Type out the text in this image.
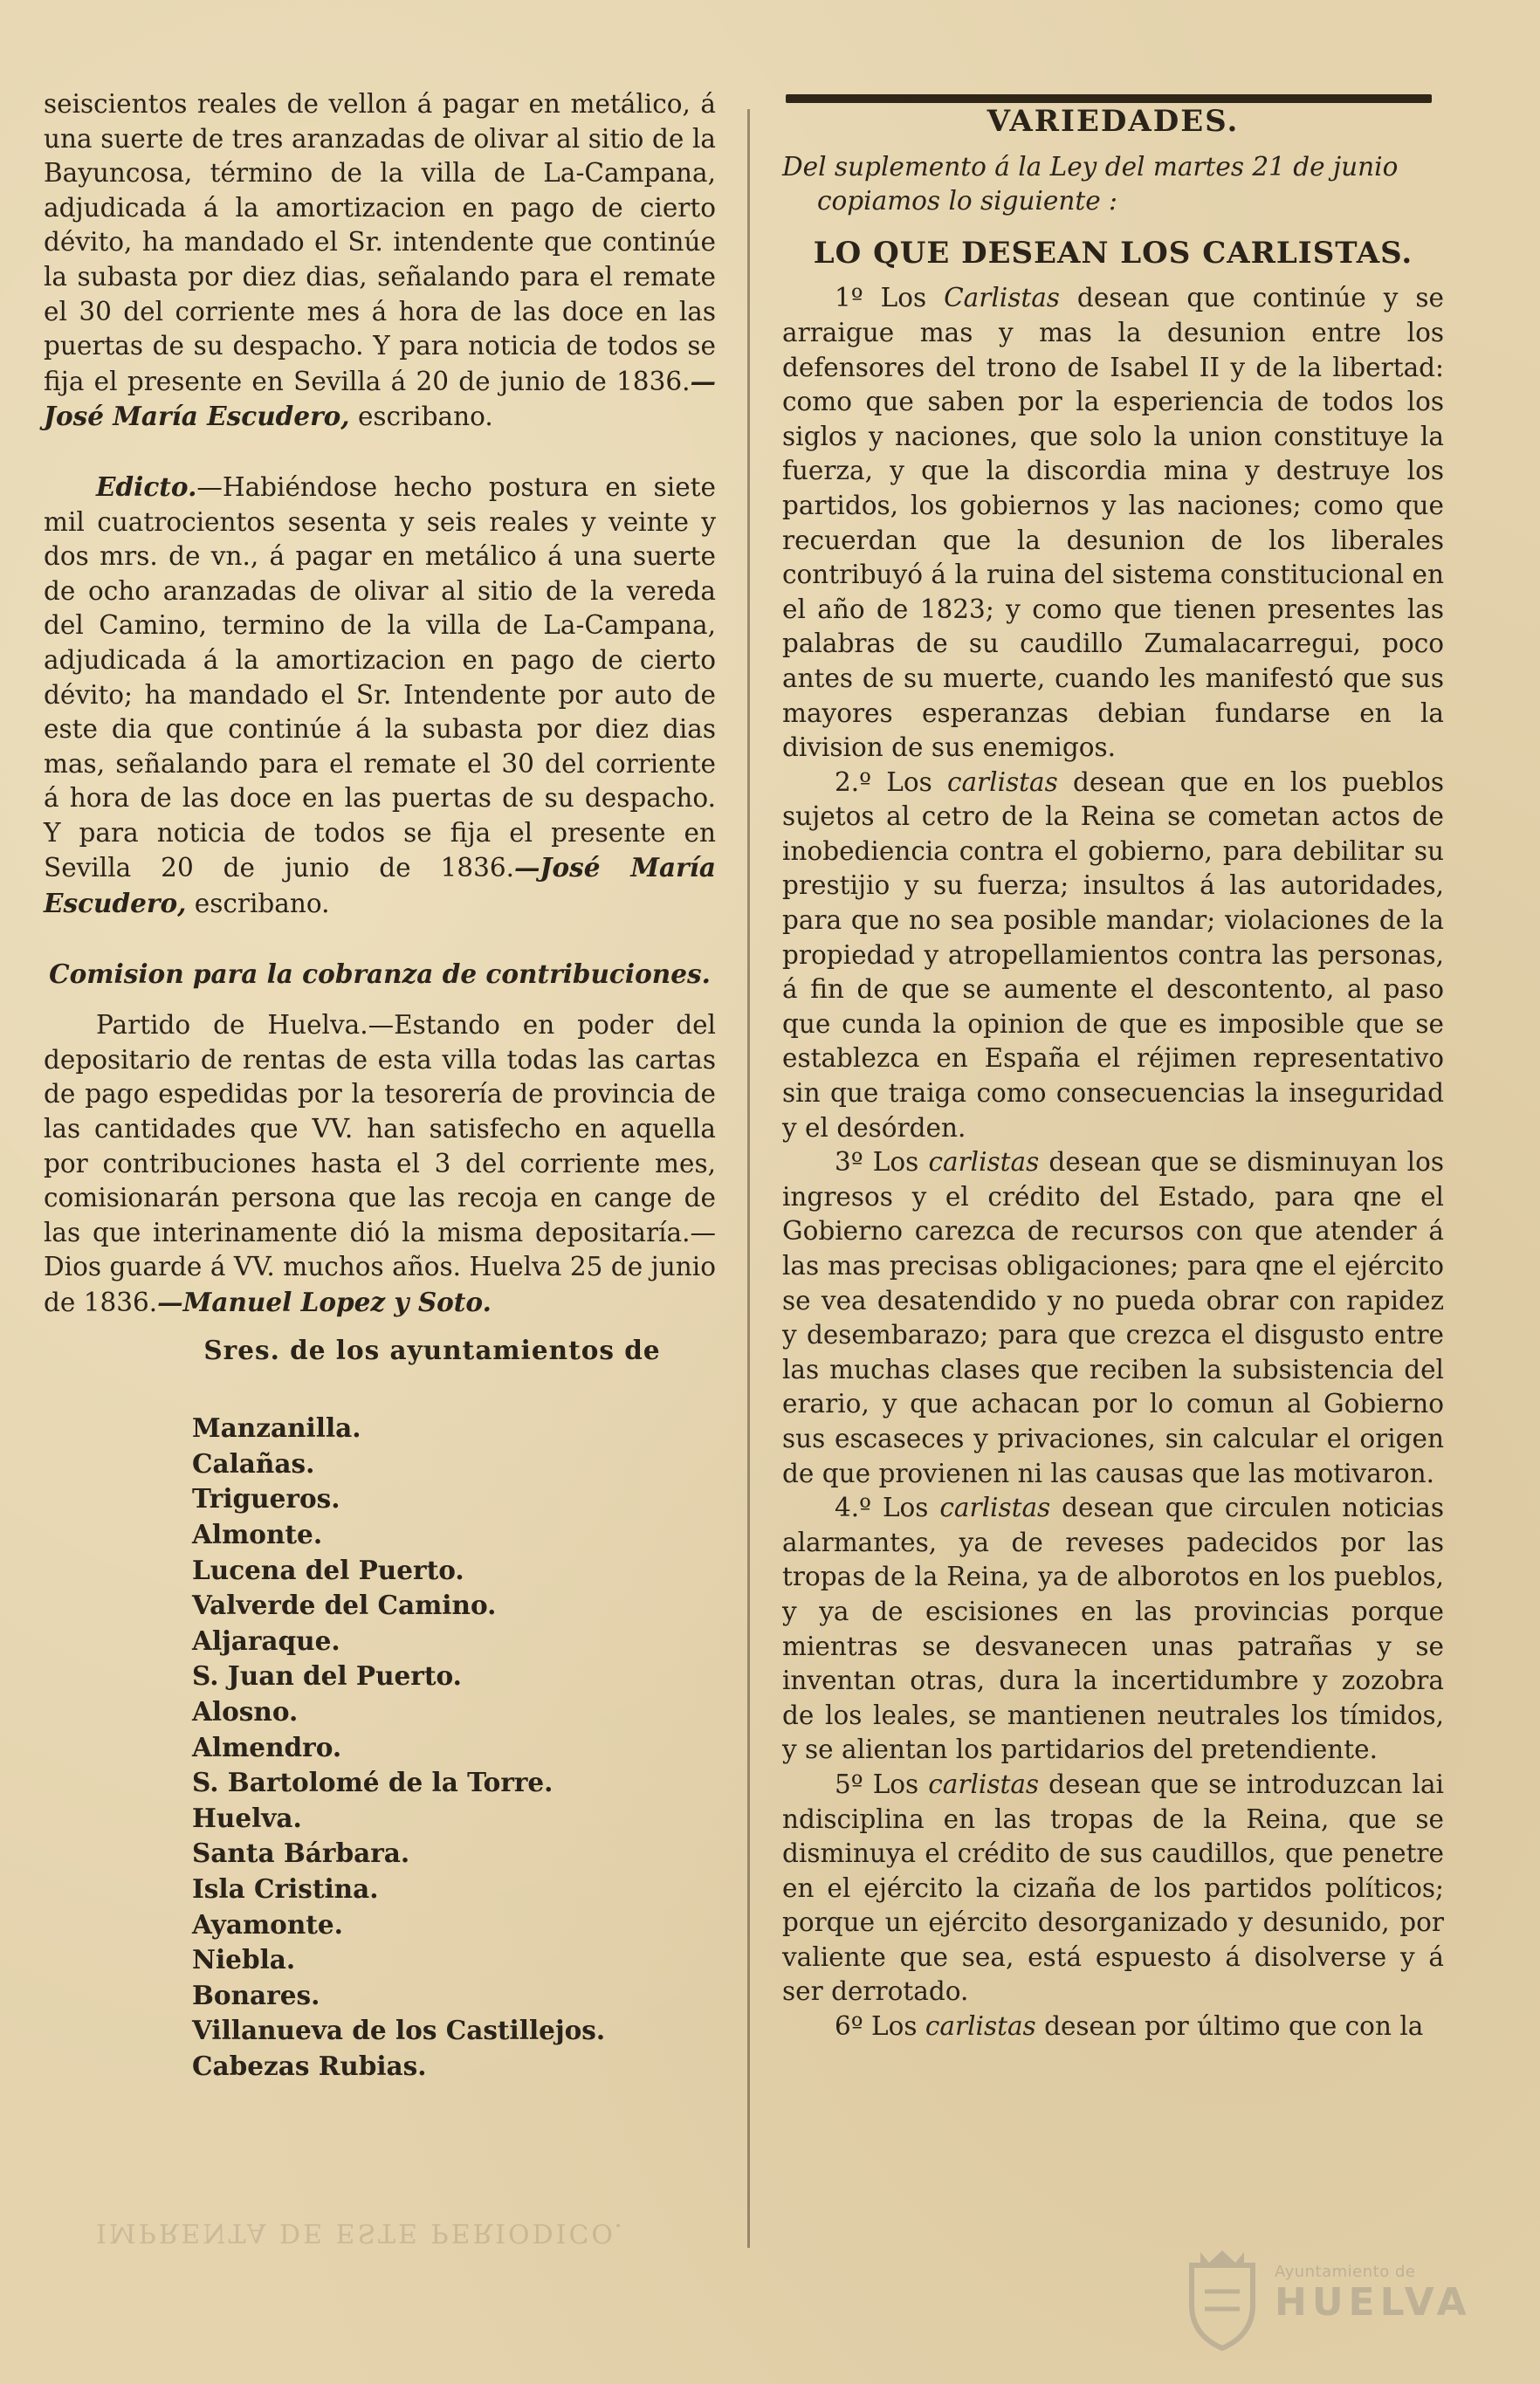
seiscientos reales de vellon á pagar en metálico, á una suerte de tres aranzadas de olivar al sitio de la Bayuncosa, término de la villa de La-Campana, adjudicada á la amortizacion en pago de cierto dévito, ha mandado el Sr. intendente que continúe la subasta por diez dias, señalando para el remate el 30 del corriente mes á hora de las doce en las puertas de su despacho. Y para noticia de todos se fija el presente en Sevilla á 20 de junio de 1836.—José María Escudero, escribano.

Edicto.—Habiéndose hecho postura en siete mil cuatrocientos sesenta y seis reales y veinte y dos mrs. de vn., á pagar en metálico á una suerte de ocho aranzadas de olivar al sitio de la vereda del Camino, termino de la villa de La-Campana, adjudicada á la amortizacion en pago de cierto dévito; ha mandado el Sr. Intendente por auto de este dia que continúe á la subasta por diez dias mas, señalando para el remate el 30 del corriente á hora de las doce en las puertas de su despacho. Y para noticia de todos se fija el presente en Sevilla 20 de junio de 1836.—José María Escudero, escribano.

Comision para la cobranza de contribuciones.

Partido de Huelva.—Estando en poder del depositario de rentas de esta villa todas las cartas de pago espedidas por la tesorería de provincia de las cantidades que VV. han satisfecho en aquella por contribuciones hasta el 3 del corriente mes, comisionarán persona que las recoja en cange de las que interinamente dió la misma depositaría.—Dios guarde á VV. muchos años. Huelva 25 de junio de 1836.—Manuel Lopez y Soto.

Sres. de los ayuntamientos de

Manzanilla.
Calañas.
Trigueros.
Almonte.
Lucena del Puerto.
Valverde del Camino.
Aljaraque.
S. Juan del Puerto.
Alosno.
Almendro.
S. Bartolomé de la Torre.
Huelva.
Santa Bárbara.
Isla Cristina.
Ayamonte.
Niebla.
Bonares.
Villanueva de los Castillejos.
Cabezas Rubias.

VARIEDADES.

Del suplemento á la Ley del martes 21 de junio

copiamos lo siguiente :

LO QUE DESEAN LOS CARLISTAS.

1º Los Carlistas desean que continúe y se arraigue mas y mas la desunion entre los defensores del trono de Isabel II y de la libertad: como que saben por la esperiencia de todos los siglos y naciones, que solo la union constituye la fuerza, y que la discordia mina y destruye los partidos, los gobiernos y las naciones; como que recuerdan que la desunion de los liberales contribuyó á la ruina del sistema constitucional en el año de 1823; y como que tienen presentes las palabras de su caudillo Zumalacarregui, poco antes de su muerte, cuando les manifestó que sus mayores esperanzas debian fundarse en la division de sus enemigos.

2.º Los carlistas desean que en los pueblos sujetos al cetro de la Reina se cometan actos de inobediencia contra el gobierno, para debilitar su prestijio y su fuerza; insultos á las autoridades, para que no sea posible mandar; violaciones de la propiedad y atropellamientos contra las personas, á fin de que se aumente el descontento, al paso que cunda la opinion de que es imposible que se establezca en España el réjimen representativo sin que traiga como consecuencias la inseguridad y el desórden.

3º Los carlistas desean que se disminuyan los ingresos y el crédito del Estado, para qne el Gobierno carezca de recursos con que atender á las mas precisas obligaciones; para qne el ejército se vea desatendido y no pueda obrar con rapidez y desembarazo; para que crezca el disgusto entre las muchas clases que reciben la subsistencia del erario, y que achacan por lo comun al Gobierno sus escaseces y privaciones, sin calcular el origen de que provienen ni las causas que las motivaron.

4.º Los carlistas desean que circulen noticias alarmantes, ya de reveses padecidos por las tropas de la Reina, ya de alborotos en los pueblos, y ya de escisiones en las provincias porque mientras se desvanecen unas patrañas y se inventan otras, dura la incertidumbre y zozobra de los leales, se mantienen neutrales los tímidos, y se alientan los partidarios del pretendiente.

5º Los carlistas desean que se introduzcan lai ndisciplina en las tropas de la Reina, que se disminuya el crédito de sus caudillos, que penetre en el ejército la cizaña de los partidos políticos; porque un ejército desorganizado y desunido, por valiente que sea, está espuesto á disolverse y á ser derrotado.

6º Los carlistas desean por último que con la

IMPRENTA DE ESTE PERIODICO.
Ayuntamiento de
HUELVA
